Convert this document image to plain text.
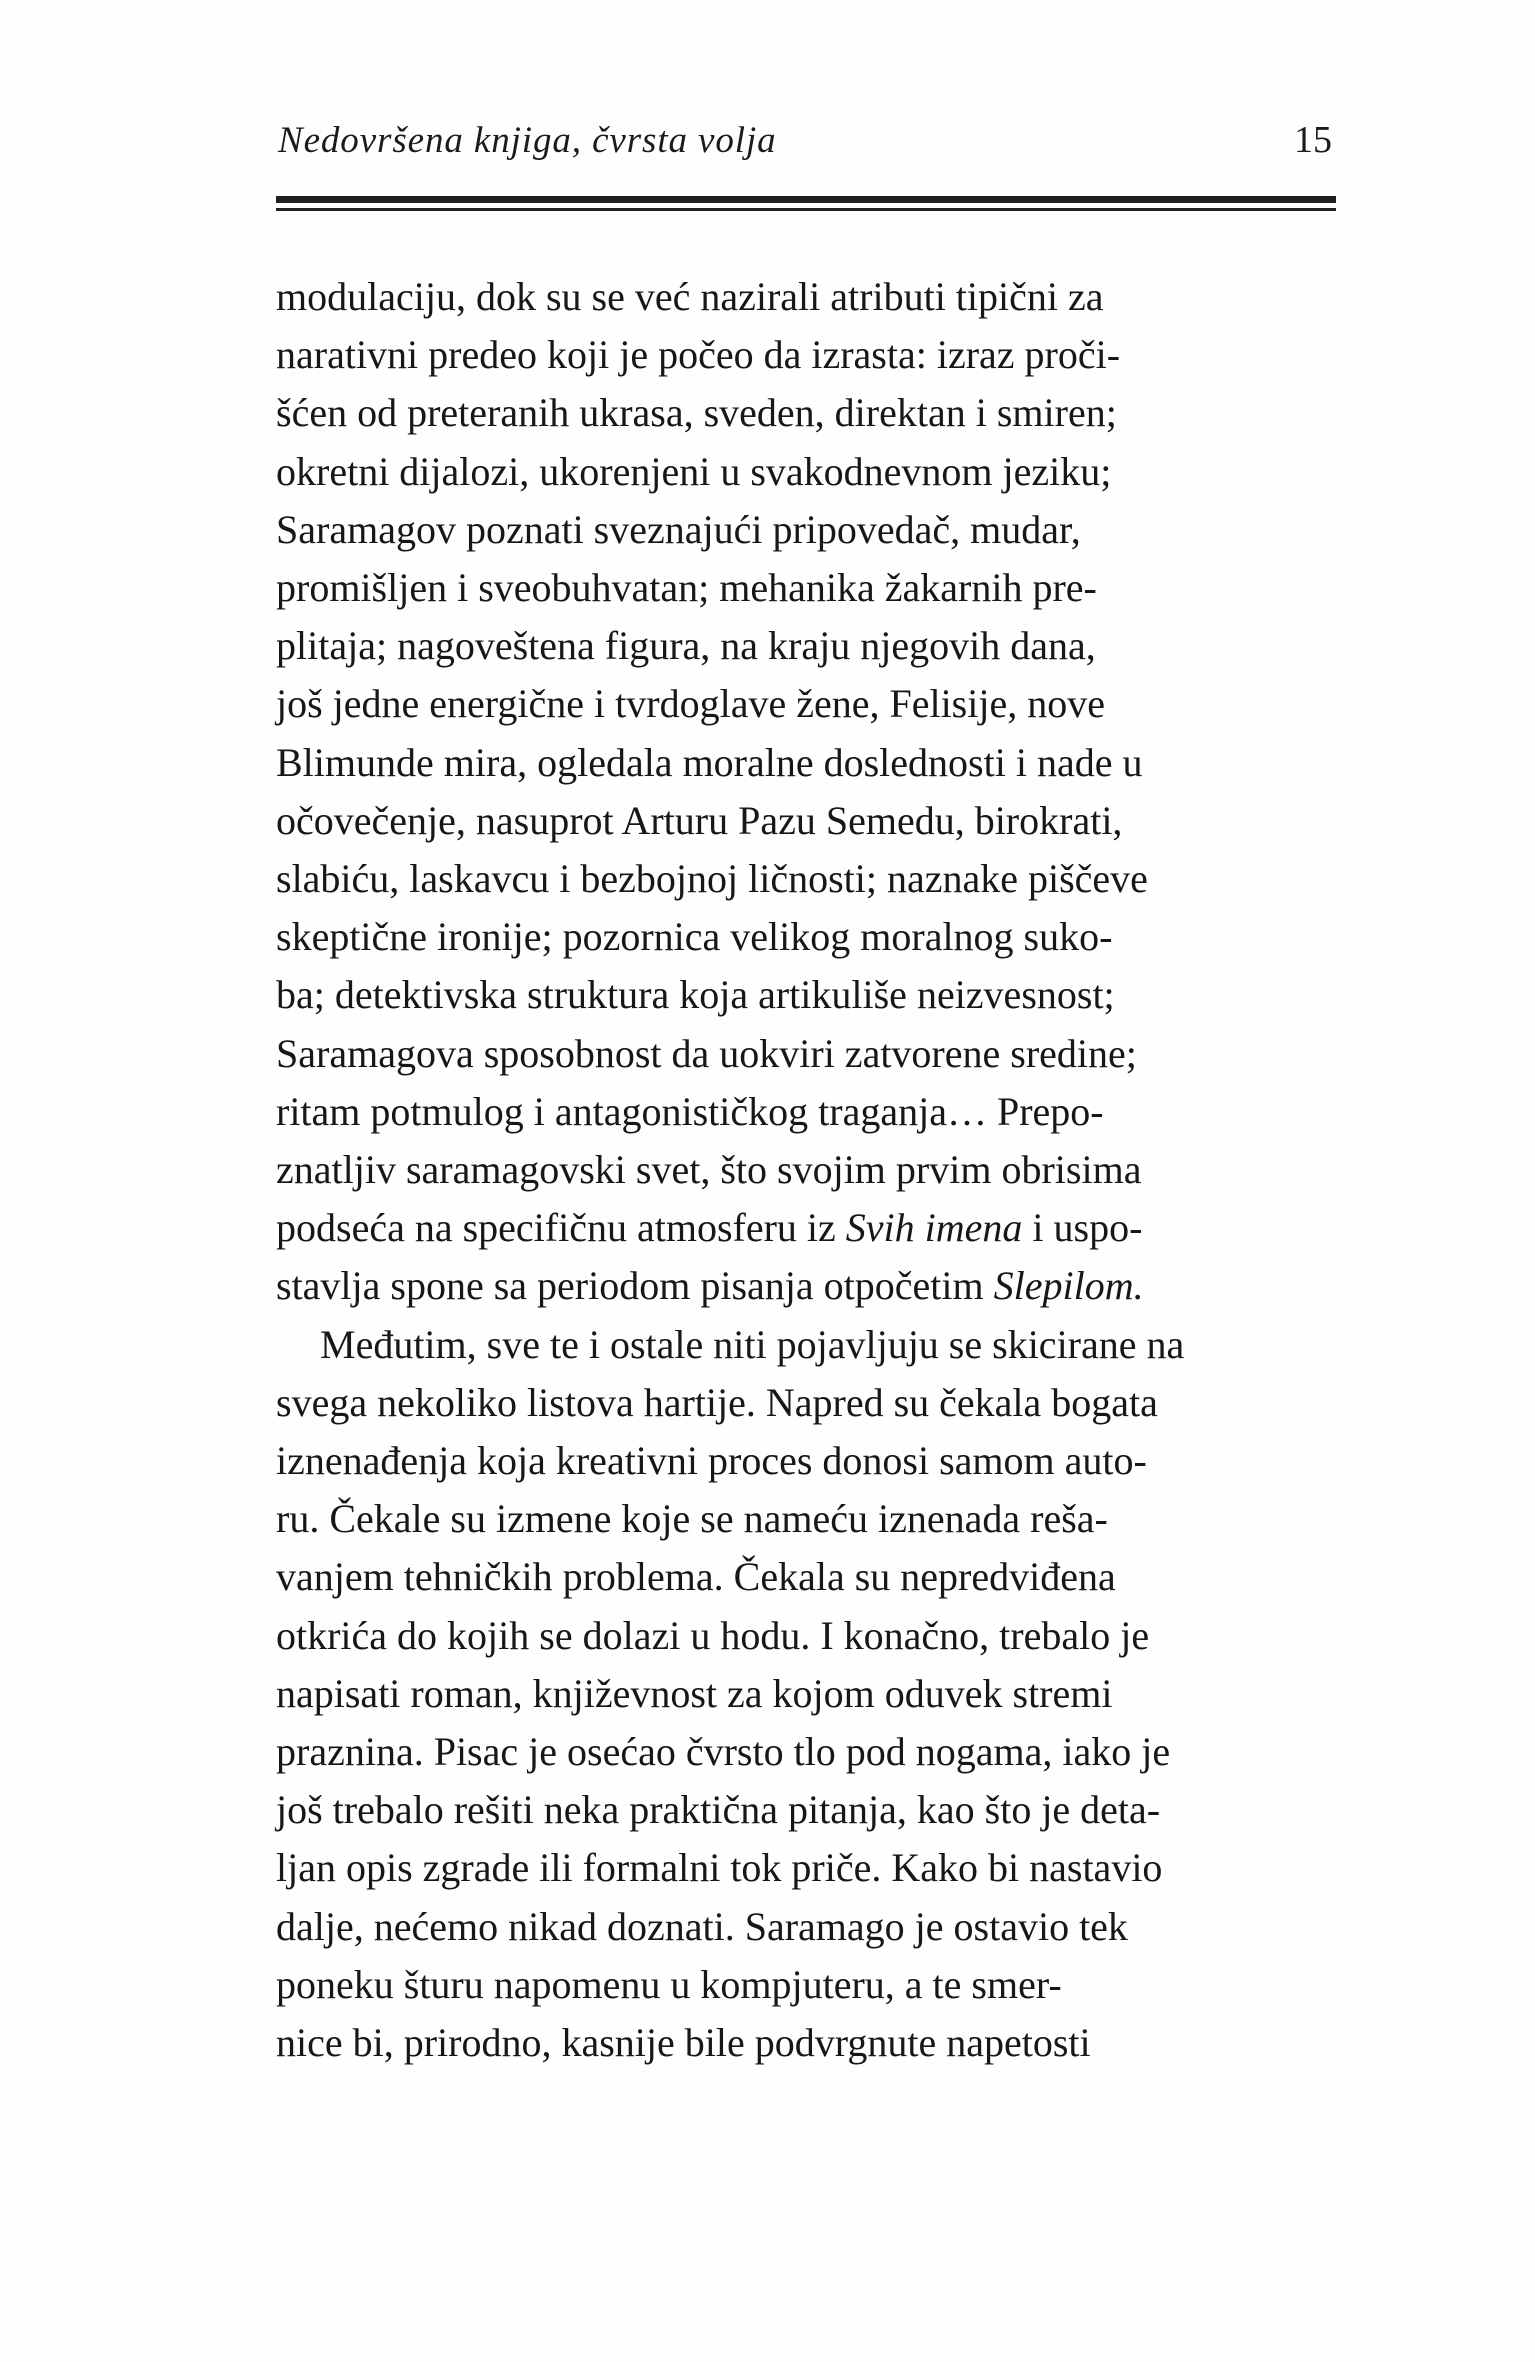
Nedovršena knjiga, čvrsta volja	15
modulaciju, dok su se već nazirali atributi tipični za
narativni predeo koji je počeo da izrasta: izraz proči-
šćen od preteranih ukrasa, sveden, direktan i smiren;
okretni dijalozi, ukorenjeni u svakodnevnom jeziku;
Saramagov poznati sveznajući pripovedač, mudar,
promišljen i sveobuhvatan; mehanika žakarnih pre-
plitaja; nagoveštena figura, na kraju njegovih dana,
još jedne energične i tvrdoglave žene, Felisije, nove
Blimunde mira, ogledala moralne doslednosti i nade u
očovečenje, nasuprot Arturu Pazu Semedu, birokrati,
slabiću, laskavcu i bezbojnoj ličnosti; naznake piščeve
skeptične ironije; pozornica velikog moralnog suko-
ba; detektivska struktura koja artikuliše neizvesnost;
Saramagova sposobnost da uokviri zatvorene sredine;
ritam potmulog i antagonističkog traganja… Prepo-
znatljiv saramagovski svet, što svojim prvim obrisima
podseća na specifičnu atmosferu iz Svih imena i uspo-
stavlja spone sa periodom pisanja otpočetim Slepilom.
Međutim, sve te i ostale niti pojavljuju se skicirane na
svega nekoliko listova hartije. Napred su čekala bogata
iznenađenja koja kreativni proces donosi samom auto-
ru. Čekale su izmene koje se nameću iznenada reša-
vanjem tehničkih problema. Čekala su nepredviđena
otkrića do kojih se dolazi u hodu. I konačno, trebalo je
napisati roman, književnost za kojom oduvek stremi
praznina. Pisac je osećao čvrsto tlo pod nogama, iako je
još trebalo rešiti neka praktična pitanja, kao što je deta-
ljan opis zgrade ili formalni tok priče. Kako bi nastavio
dalje, nećemo nikad doznati. Saramago je ostavio tek
poneku šturu napomenu u kompjuteru, a te smer-
nice bi, prirodno, kasnije bile podvrgnute napetosti
